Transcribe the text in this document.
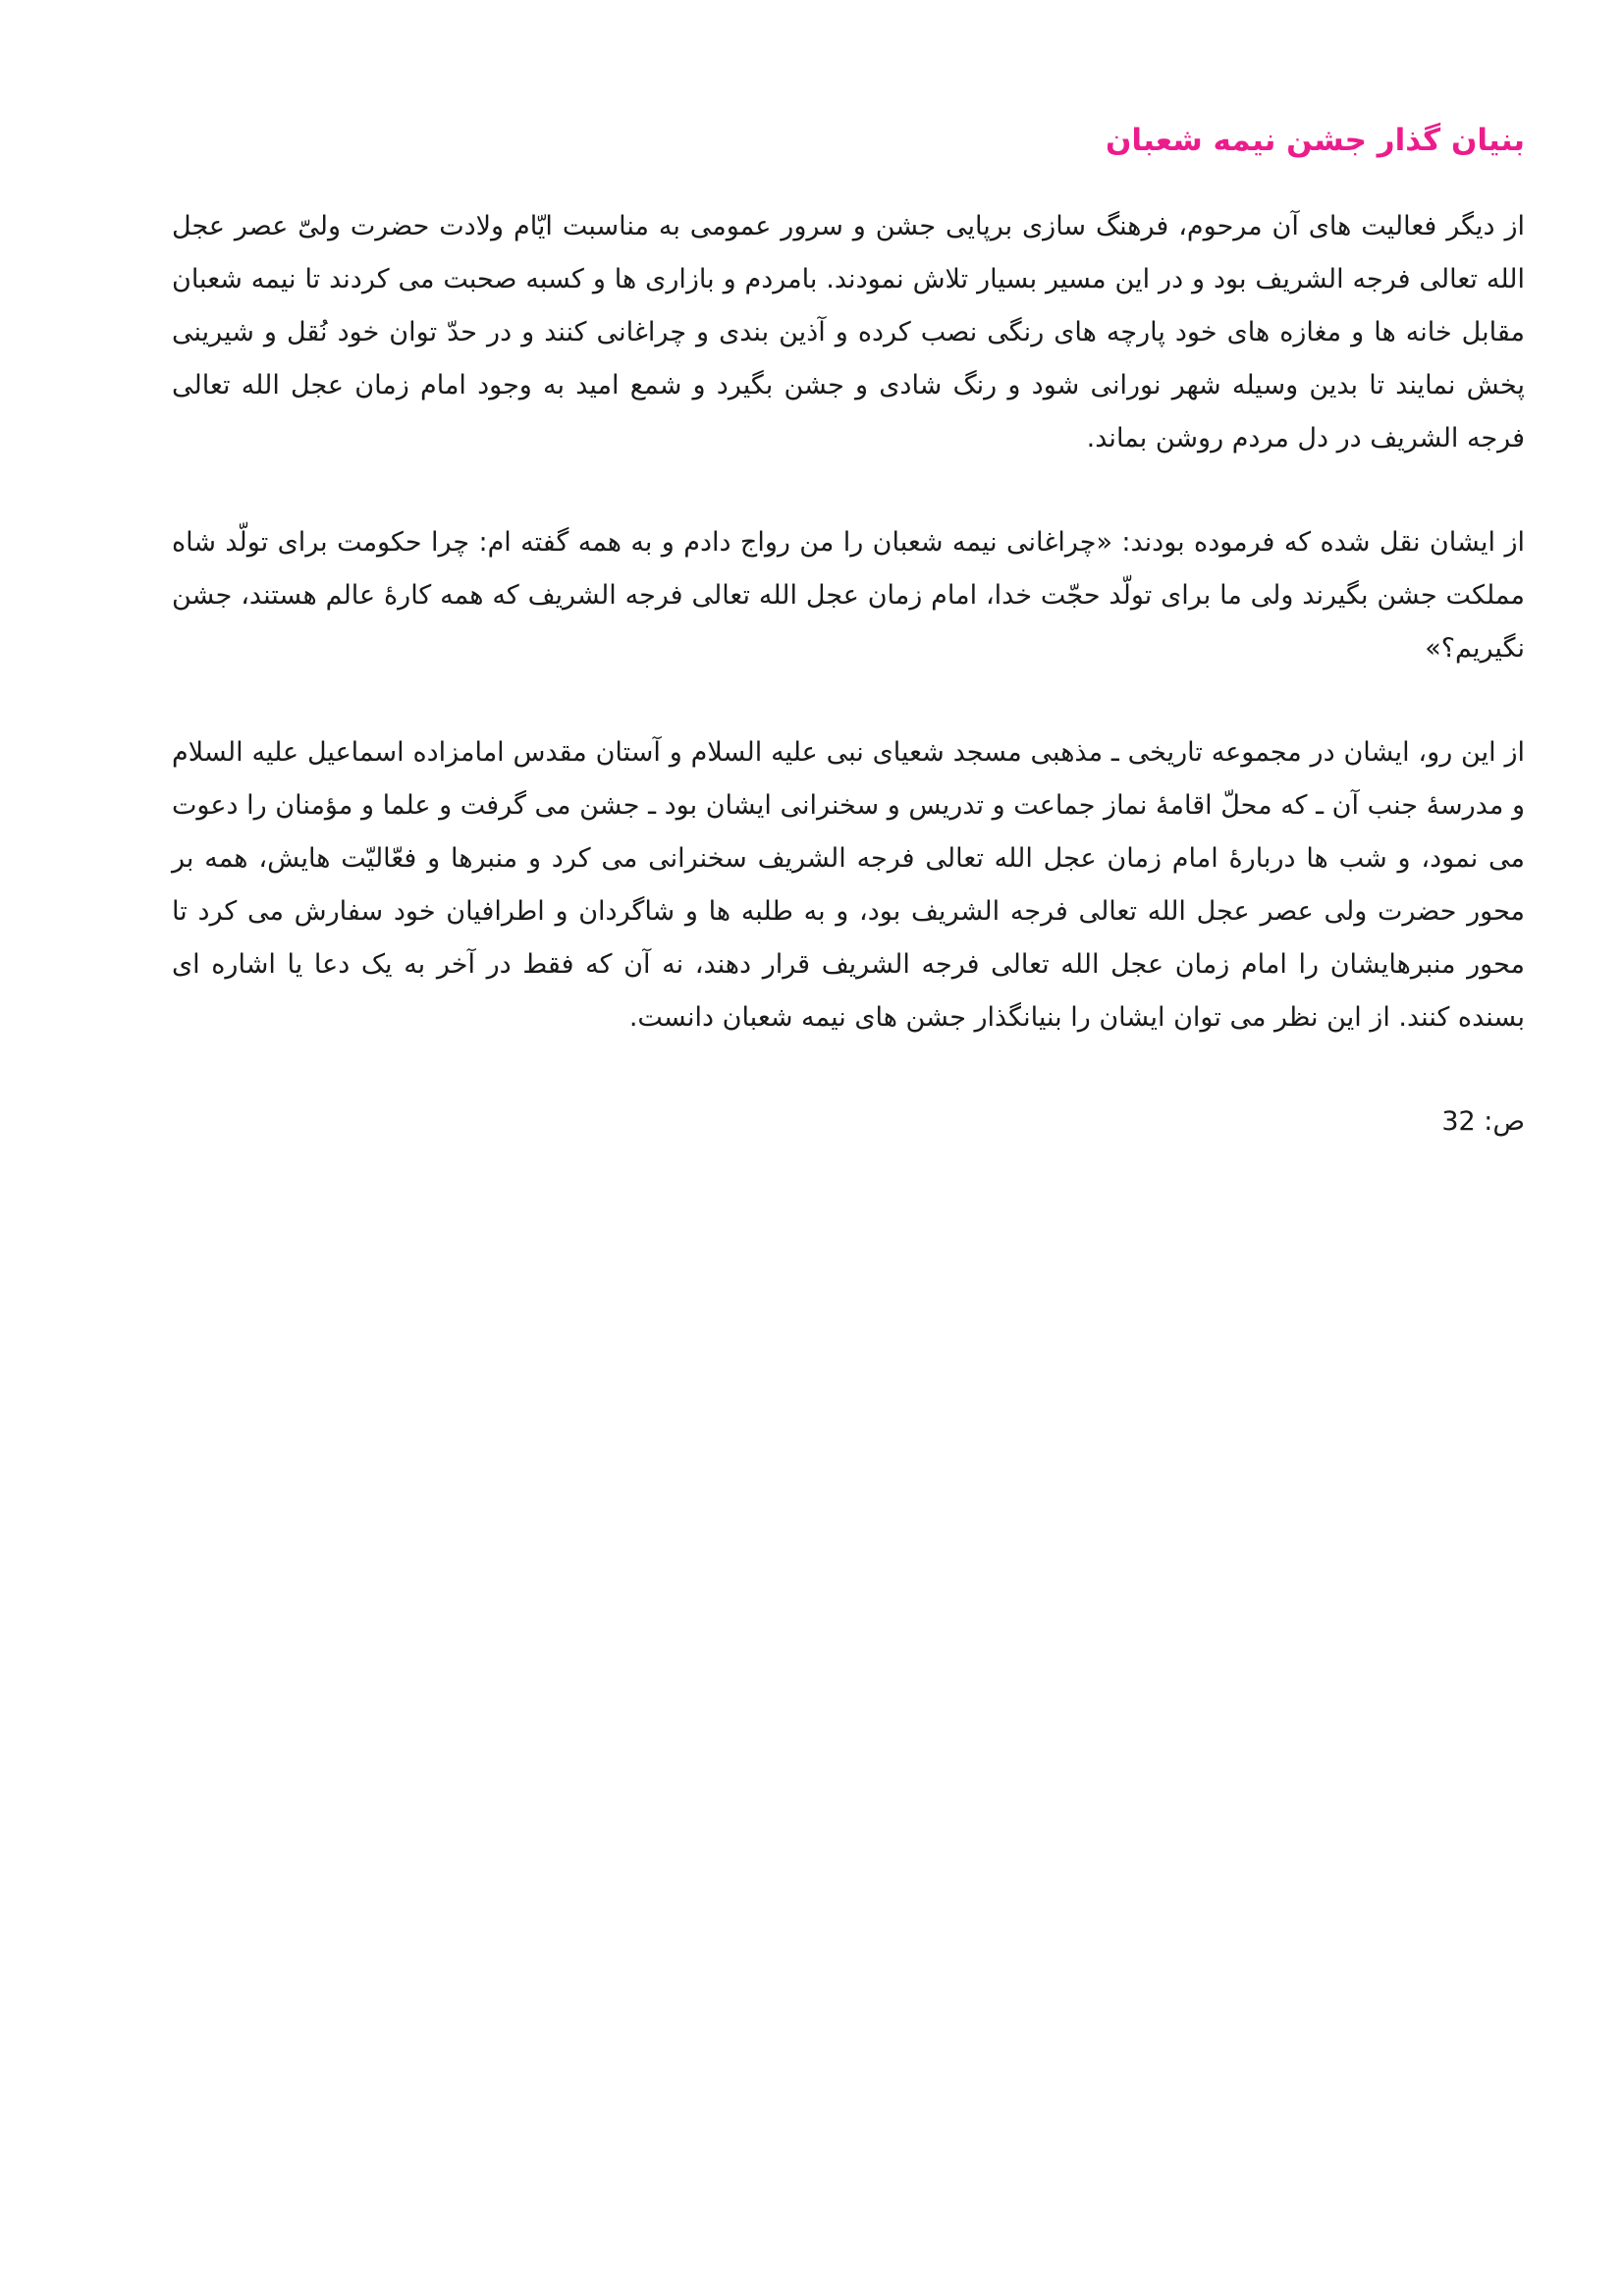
بنیان گذار جشن نیمه شعبان

از دیگر فعالیت های آن مرحوم، فرهنگ سازی برپایی جشن و سرور عمومی به مناسبت ایّام ولادت حضرت ولیّ عصر عجل الله تعالی فرجه الشریف بود و در این مسیر بسیار تلاش نمودند. بامردم و بازاری ها و کسبه صحبت می کردند تا نیمه شعبان مقابل خانه ها و مغازه های خود پارچه های رنگی نصب کرده و آذین بندی و چراغانی کنند و در حدّ توان خود نُقل و شیرینی پخش نمایند تا بدین وسیله شهر نورانی شود و رنگ شادی و جشن بگیرد و شمع امید به وجود امام زمان عجل الله تعالی فرجه الشریف در دل مردم روشن بماند.

از ایشان نقل شده که فرموده بودند: «چراغانی نیمه شعبان را من رواج دادم و به همه گفته ام: چرا حکومت برای تولّد شاه مملکت جشن بگیرند ولی ما برای تولّد حجّت خدا، امام زمان عجل الله تعالی فرجه الشریف که همه کارهٔ عالم هستند، جشن نگیریم؟»

از این رو، ایشان در مجموعه تاریخی ـ مذهبی مسجد شعیای نبی علیه السلام و آستان مقدس امامزاده اسماعیل علیه السلام و مدرسهٔ جنب آن ـ که محلّ اقامهٔ نماز جماعت و تدریس و سخنرانی ایشان بود ـ جشن می گرفت و علما و مؤمنان را دعوت می نمود، و شب ها دربارهٔ امام زمان عجل الله تعالی فرجه الشریف سخنرانی می کرد و منبرها و فعّالیّت هایش، همه بر محور حضرت ولی عصر عجل الله تعالی فرجه الشریف بود، و به طلبه ها و شاگردان و اطرافیان خود سفارش می کرد تا محور منبرهایشان را امام زمان عجل الله تعالی فرجه الشریف قرار دهند، نه آن که فقط در آخر به یک دعا یا اشاره ای بسنده کنند. از این نظر می توان ایشان را بنیانگذار جشن های نیمه شعبان دانست.

ص: 32
